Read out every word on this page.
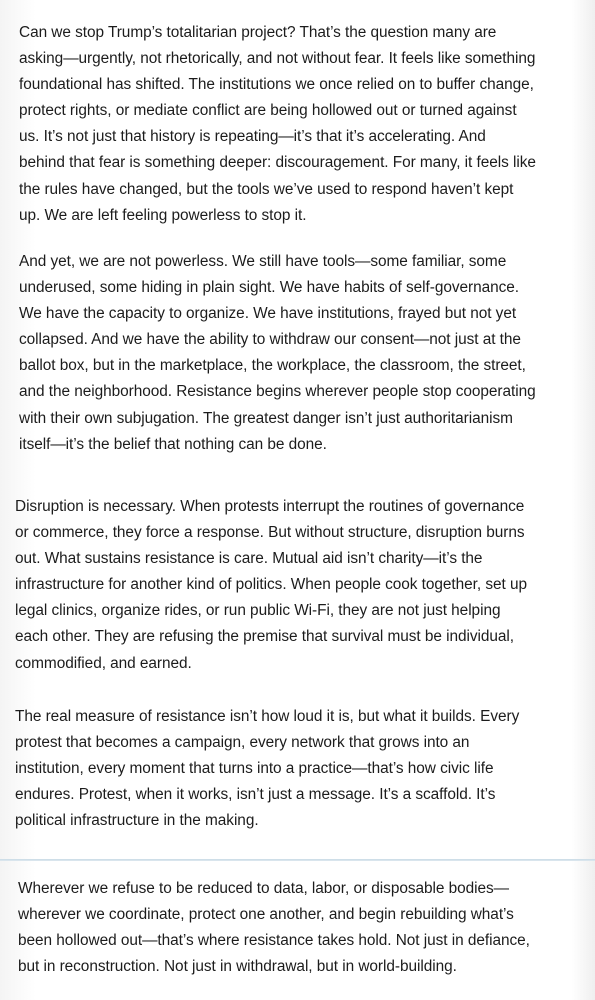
Can we stop Trump’s totalitarian project? That’s the question many are
asking—urgently, not rhetorically, and not without fear. It feels like something
foundational has shifted. The institutions we once relied on to buffer change,
protect rights, or mediate conflict are being hollowed out or turned against
us. It’s not just that history is repeating—it’s that it’s accelerating. And
behind that fear is something deeper: discouragement. For many, it feels like
the rules have changed, but the tools we’ve used to respond haven’t kept
up. We are left feeling powerless to stop it.

And yet, we are not powerless. We still have tools—some familiar, some
underused, some hiding in plain sight. We have habits of self-governance.
We have the capacity to organize. We have institutions, frayed but not yet
collapsed. And we have the ability to withdraw our consent—not just at the
ballot box, but in the marketplace, the workplace, the classroom, the street,
and the neighborhood. Resistance begins wherever people stop cooperating
with their own subjugation. The greatest danger isn’t just authoritarianism
itself—it’s the belief that nothing can be done.

Disruption is necessary. When protests interrupt the routines of governance
or commerce, they force a response. But without structure, disruption burns
out. What sustains resistance is care. Mutual aid isn’t charity—it’s the
infrastructure for another kind of politics. When people cook together, set up
legal clinics, organize rides, or run public Wi-Fi, they are not just helping
each other. They are refusing the premise that survival must be individual,
commodified, and earned.

The real measure of resistance isn’t how loud it is, but what it builds. Every
protest that becomes a campaign, every network that grows into an
institution, every moment that turns into a practice—that’s how civic life
endures. Protest, when it works, isn’t just a message. It’s a scaffold. It’s
political infrastructure in the making.

Wherever we refuse to be reduced to data, labor, or disposable bodies—
wherever we coordinate, protect one another, and begin rebuilding what’s
been hollowed out—that’s where resistance takes hold. Not just in defiance,
but in reconstruction. Not just in withdrawal, but in world-building.
